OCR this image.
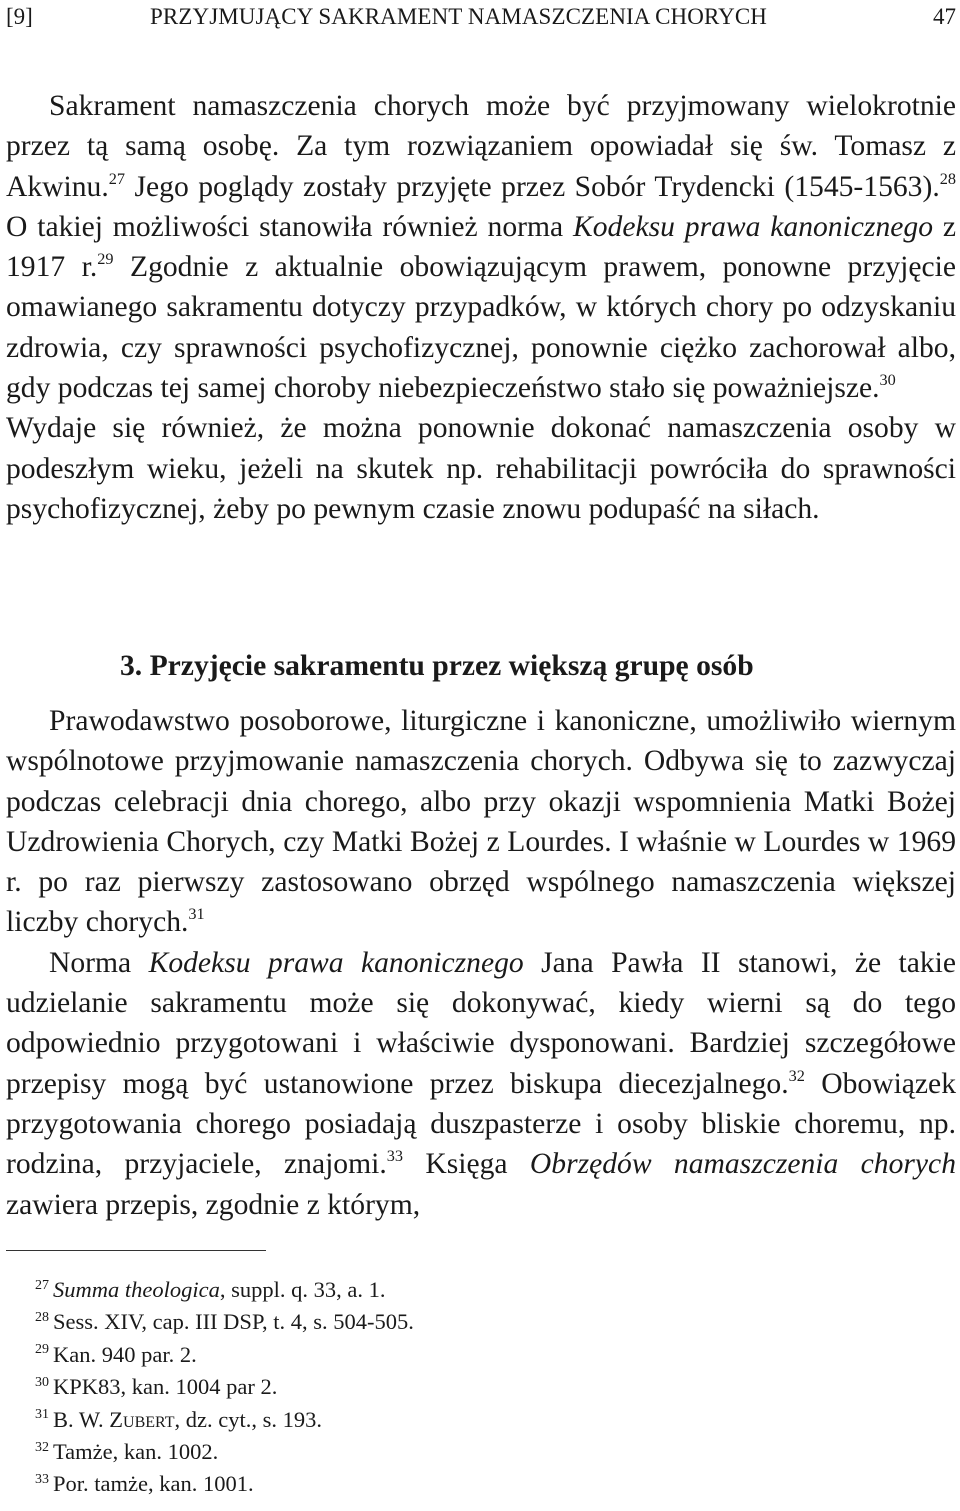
[9]	PRZYJMUJĄCY SAKRAMENT NAMASZCZENIA CHORYCH	47

Sakrament namaszczenia chorych może być przyjmowany wielokrotnie przez tą samą osobę. Za tym rozwiązaniem opowiadał się św. Tomasz z Akwinu.$^{27}$ Jego poglądy zostały przyjęte przez Sobór Trydencki (1545-1563).$^{28}$ O takiej możliwości stanowiła również norma Kodeksu prawa kanonicznego z 1917 r.$^{29}$ Zgodnie z aktualnie obowiązującym prawem, ponowne przyjęcie omawianego sakramentu dotyczy przypadków, w których chory po odzyskaniu zdrowia, czy sprawności psychofizycznej, ponownie ciężko zachorował albo, gdy podczas tej samej choroby niebezpieczeństwo stało się poważniejsze.$^{30}$

Wydaje się również, że można ponownie dokonać namaszczenia osoby w podeszłym wieku, jeżeli na skutek np. rehabilitacji powróciła do sprawności psychofizycznej, żeby po pewnym czasie znowu podupaść na siłach.

3. Przyjęcie sakramentu przez większą grupę osób

Prawodawstwo posoborowe, liturgiczne i kanoniczne, umożliwiło wiernym wspólnotowe przyjmowanie namaszczenia chorych. Odbywa się to zazwyczaj podczas celebracji dnia chorego, albo przy okazji wspomnienia Matki Bożej Uzdrowienia Chorych, czy Matki Bożej z Lourdes. I właśnie w Lourdes w 1969 r. po raz pierwszy zastosowano obrzęd wspólnego namaszczenia większej liczby chorych.$^{31}$

Norma Kodeksu prawa kanonicznego Jana Pawła II stanowi, że takie udzielanie sakramentu może się dokonywać, kiedy wierni są do tego odpowiednio przygotowani i właściwie dysponowani. Bardziej szczegółowe przepisy mogą być ustanowione przez biskupa diecezjalnego.$^{32}$ Obowiązek przygotowania chorego posiadają duszpasterze i osoby bliskie choremu, np. rodzina, przyjaciele, znajomi.$^{33}$ Księga Obrzędów namaszczenia chorych zawiera przepis, zgodnie z którym,

$^{27}$ Summa theologica, suppl. q. 33, a. 1.
$^{28}$ Sess. XIV, cap. III DSP, t. 4, s. 504-505.
$^{29}$ Kan. 940 par. 2.
$^{30}$ KPK83, kan. 1004 par 2.
$^{31}$ B. W. Zubert, dz. cyt., s. 193.
$^{32}$ Tamże, kan. 1002.
$^{33}$ Por. tamże, kan. 1001.
